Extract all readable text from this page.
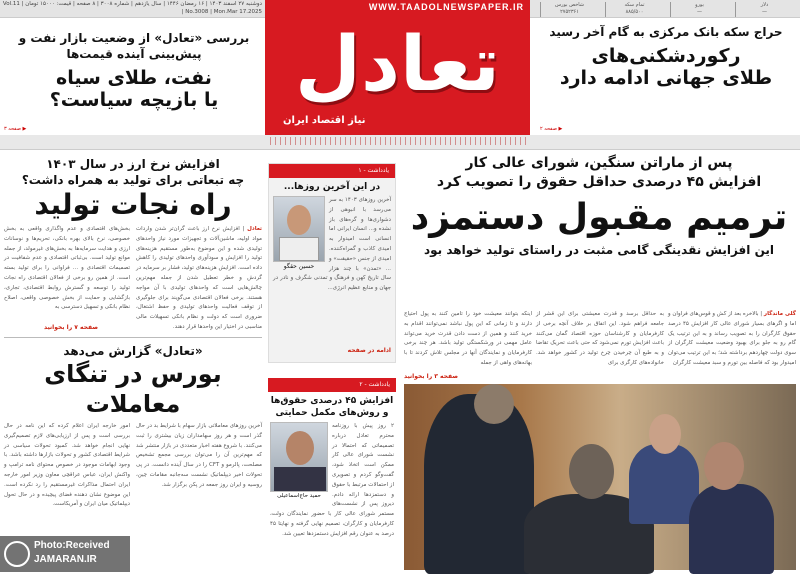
شاخص بورس
۲۷۵۲۳۶۱
تمام سکه
۸۸۵/۵۰۰
یورو
—
دلار
—
دوشنبه ۲۷ اسفند ۱۴۰۳ | ۱۶ رمضان ۱۴۴۶ | سال یازدهم | شماره ۳۰۰۸ | ۸ صفحه | قیمت: ۱۵۰۰۰ تومان | Vol.11 | No.3008 | Mon.Mar 17.2025	WWW.TAADOLNEWSPAPER.IR
تعادل
نیاز اقتصاد ایران
بررسی «تعادل» از وضعیت بازار نفت و پیش‌بینی آینده قیمت‌ها
نفت، طلای سیاه
یا بازیچه سیاست؟
صفحه ۳ ▶
حراج سکه بانک مرکزی به گام آخر رسید
رکوردشکنی‌های
طلای جهانی ادامه دارد
صفحه ۲ ▶
پس از ماراتن سنگین، شورای عالی کار
افزایش ۴۵ درصدی حداقل حقوق را تصویب کرد
ترمیم مقبول دستمزد
این افزایش نقدینگی گامی مثبت در راستای تولید خواهد بود
گلی ماندگار | بالاخره بعد از کش و قوس‌های فراوان و اما و اگرهای بسیار شورای عالی کار افزایش ۴۵ درصد حقوق کارگران را به تصویب رساند و به این ترتیب یک گام رو به جلو برای بهبود وضعیت معیشت کارگران از سوی دولت چهاردهم برداشته شد؛ به این ترتیب می‌توان امیدوار بود که فاصله بین تورم و سبد معیشت کارگران
به حداقل برسد و قدرت معیشتی برای این قشر از جامعه فراهم شود. این اتفاق بر خلاف آنچه برخی از کارفرمایان و کارشناسان حوزه اقتصاد گمان می‌کنند باعث افزایش تورم نمی‌شود که حتی باعث تحریک تقاضا و به طبع آن چرخیدن چرخ تولید در کشور خواهد شد. خانواده‌های کارگری برای
اینکه بتوانند معیشت خود را تامین کنند به پول احتیاج دارند و تا زمانی که این پول نباشد نمی‌توانند اقدام به خرید کنند و همین از دست دادن قدرت خرید می‌تواند عامل مهمی در ورشکستگی تولید باشد. هر چند برخی کارفرمایان و نمایندگان آنها در مجلس تلاش کردند تا با بهانه‌های واهی از جمله
صفحه ۳ را بخوانید
یادداشت - ۱
در این آخرین روزها...
حسین حقگو
آخرین روزهای ۱۴۰۳ به سر می‌رسد با انبوهی از دشواری‌ها و گره‌های باز نشده و... انسان ایرانی اما انسانی است امیدوار به امیدی کاذب و گمراه‌کننده. امیدی از جنس «حقیقت» و ... «تمدن» با چند هزار سال تاریخ کهن و فرهنگ و تمدنی شگرف و نادر در جهان و منابع عظیم انرژی...
ادامه در صفحه
یادداشت - ۲
افزایش ۴۵ درصدی حقوق‌ها و روش‌های مکمل حمایتی
حمید حاج‌اسماعیلی
۲ روز پیش با روزنامه محترم تعادل درباره تصمیماتی که احتمالا در نشست شورای عالی کار ممکن است اتخاذ شود، گفت‌وگو کردم و تصویری از احتمالات مرتبط با حقوق و دستمزدها ارائه دادم. دیروز پس از نشست‌های مستمر شورای عالی کار با حضور نمایندگان دولت، کارفرمایان و کارگران، تصمیم نهایی گرفته و نهایتا ۴۵ درصد به عنوان رقم افزایش دستمزدها تعیین شد.
افزایش نرخ ارز در سال ۱۴۰۳
چه تبعاتی برای تولید به همراه داشت؟
راه نجات تولید
تعادل | افزایش نرخ ارز باعث گران‌تر شدن واردات مواد اولیه، ماشین‌آلات و تجهیزات مورد نیاز واحدهای تولیدی شده و این موضوع به‌طور مستقیم هزینه‌های تولید را افزایش و سودآوری واحدهای تولیدی را کاهش داده است. افزایش هزینه‌های تولید، فشار بر سرمایه در گردش و خطر تعطیل شدن از جمله مهم‌ترین چالش‌هایی است که واحدهای تولیدی با آن مواجه هستند. برخی فعالان اقتصادی می‌گویند برای جلوگیری از توقف فعالیت واحدهای تولیدی و حفظ اشتغال، ضروری است که دولت و نظام بانکی تسهیلات مالی مناسبی در اختیار این واحدها قرار دهند.
بخش‌های اقتصادی و عدم واگذاری واقعی به بخش خصوصی، نرخ بالای بهره بانکی، تحریم‌ها و نوسانات ارزی و هدایت سرمایه‌ها به بخش‌های غیرمولد، از جمله موانع تولید است. بی‌ثباتی اقتصادی و عدم شفافیت در تصمیمات اقتصادی و ... فراوانی را برای تولید بسته است. از همین رو برخی از فعالان اقتصادی راه نجات تولید را توسعه و گسترش روابط اقتصادی، تجاری، بازگشایی و حمایت از بخش خصوصی واقعی، اصلاح نظام بانکی و تسهیل دسترسی به
صفحه ۷ را بخوانید
«تعادل» گزارش می‌دهد
بورس در تنگای معاملات
آخرین روزهای معاملاتی بازار سهام با شرایط بد در حال گذر است و هر روز سهامداران زیان بیشتری را ثبت می‌کنند. با شروع هفته اخبار متعددی در بازار منتشر شد که مهم‌ترین آن را می‌توان بررسی مجمع تشخیص مصلحت، پالرمو و CFT را در سال آینده دانست. در پی تحولات اخیر دیپلماتیک نشست سه‌جانبه مقامات چین، روسیه و ایران روز جمعه در پکن برگزار شد.
امور خارجه ایران اعلام کرده که این نامه در حال بررسی است و پس از ارزیابی‌های لازم تصمیم‌گیری نهایی انجام خواهد شد. کمبود تحولات سیاسی در شرایط اقتصادی کشور و تحولات بازارها داشته باشد. با وجود ابهامات موجود در خصوص محتوای نامه ترامپ و واکنش ایران، عباس عراقچی معاون وزیر امور خارجه ایران احتمال مذاکرات غیرمستقیم را رد نکرده است. این موضوع نشان دهنده فضای پیچیده و در حال تحول دیپلماتیک میان ایران و آمریکاست.
Photo:Received
JAMARAN.IR
